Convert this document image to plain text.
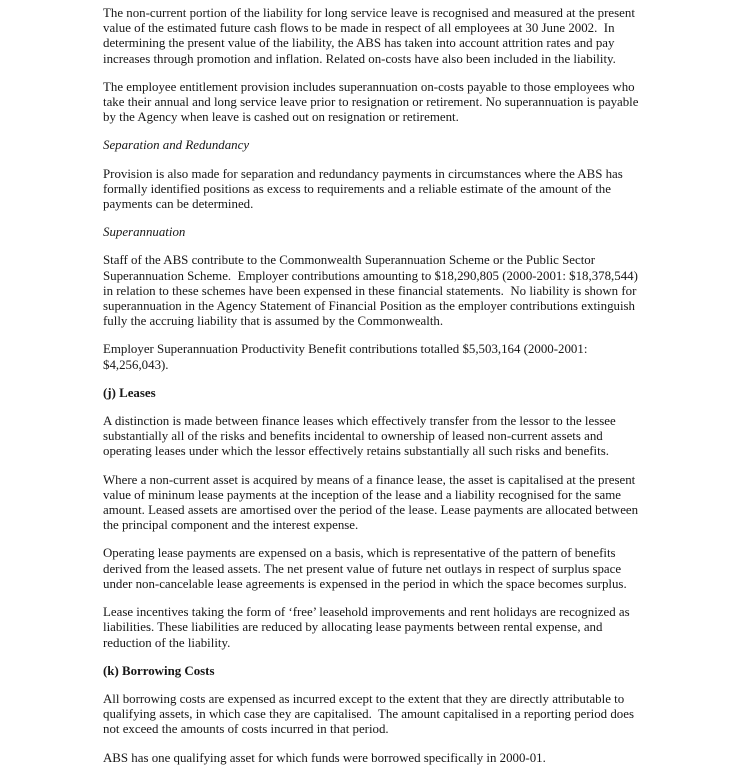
The non-current portion of the liability for long service leave is recognised and measured at the present value of the estimated future cash flows to be made in respect of all employees at 30 June 2002.  In determining the present value of the liability, the ABS has taken into account attrition rates and pay increases through promotion and inflation. Related on-costs have also been included in the liability.

The employee entitlement provision includes superannuation on-costs payable to those employees who take their annual and long service leave prior to resignation or retirement. No superannuation is payable by the Agency when leave is cashed out on resignation or retirement.

Separation and Redundancy

Provision is also made for separation and redundancy payments in circumstances where the ABS has formally identified positions as excess to requirements and a reliable estimate of the amount of the payments can be determined.

Superannuation

Staff of the ABS contribute to the Commonwealth Superannuation Scheme or the Public Sector Superannuation Scheme.  Employer contributions amounting to $18,290,805 (2000-2001: $18,378,544) in relation to these schemes have been expensed in these financial statements.  No liability is shown for superannuation in the Agency Statement of Financial Position as the employer contributions extinguish fully the accruing liability that is assumed by the Commonwealth.

Employer Superannuation Productivity Benefit contributions totalled $5,503,164 (2000-2001: $4,256,043).

(j) Leases

A distinction is made between finance leases which effectively transfer from the lessor to the lessee substantially all of the risks and benefits incidental to ownership of leased non-current assets and operating leases under which the lessor effectively retains substantially all such risks and benefits.

Where a non-current asset is acquired by means of a finance lease, the asset is capitalised at the present value of mininum lease payments at the inception of the lease and a liability recognised for the same amount. Leased assets are amortised over the period of the lease. Lease payments are allocated between the principal component and the interest expense.

Operating lease payments are expensed on a basis, which is representative of the pattern of benefits derived from the leased assets. The net present value of future net outlays in respect of surplus space under non-cancelable lease agreements is expensed in the period in which the space becomes surplus.

Lease incentives taking the form of ‘free’ leasehold improvements and rent holidays are recognized as liabilities. These liabilities are reduced by allocating lease payments between rental expense, and reduction of the liability.

(k) Borrowing Costs

All borrowing costs are expensed as incurred except to the extent that they are directly attributable to qualifying assets, in which case they are capitalised.  The amount capitalised in a reporting period does not exceed the amounts of costs incurred in that period.

ABS has one qualifying asset for which funds were borrowed specifically in 2000-01.
